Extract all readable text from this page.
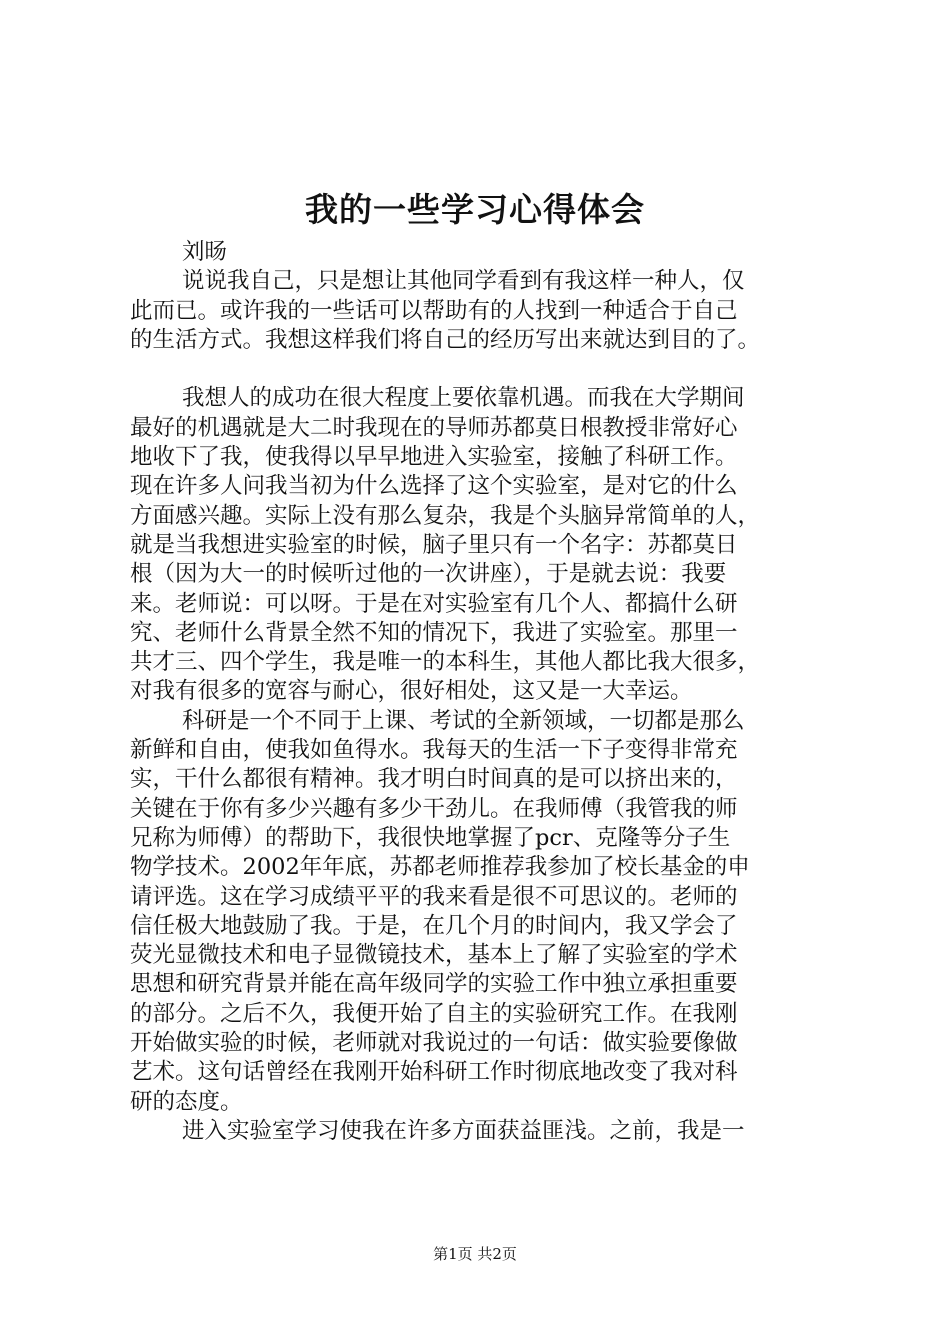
我的一些学习心得体会
刘旸
说说我自己，只是想让其他同学看到有我这样一种人，仅
此而已。或许我的一些话可以帮助有的人找到一种适合于自己
的生活方式。我想这样我们将自己的经历写出来就达到目的了。
我想人的成功在很大程度上要依靠机遇。而我在大学期间
最好的机遇就是大二时我现在的导师苏都莫日根教授非常好心
地收下了我，使我得以早早地进入实验室，接触了科研工作。
现在许多人问我当初为什么选择了这个实验室，是对它的什么
方面感兴趣。实际上没有那么复杂，我是个头脑异常简单的人，
就是当我想进实验室的时候，脑子里只有一个名字：苏都莫日
根（因为大一的时候听过他的一次讲座），于是就去说：我要
来。老师说：可以呀。于是在对实验室有几个人、都搞什么研
究、老师什么背景全然不知的情况下，我进了实验室。那里一
共才三、四个学生，我是唯一的本科生，其他人都比我大很多，
对我有很多的宽容与耐心，很好相处，这又是一大幸运。
科研是一个不同于上课、考试的全新领域，一切都是那么
新鲜和自由，使我如鱼得水。我每天的生活一下子变得非常充
实，干什么都很有精神。我才明白时间真的是可以挤出来的，
关键在于你有多少兴趣有多少干劲儿。在我师傅（我管我的师
兄称为师傅）的帮助下，我很快地掌握了pcr、克隆等分子生
物学技术。2002年年底，苏都老师推荐我参加了校长基金的申
请评选。这在学习成绩平平的我来看是很不可思议的。老师的
信任极大地鼓励了我。于是，在几个月的时间内，我又学会了
荧光显微技术和电子显微镜技术，基本上了解了实验室的学术
思想和研究背景并能在高年级同学的实验工作中独立承担重要
的部分。之后不久，我便开始了自主的实验研究工作。在我刚
开始做实验的时候，老师就对我说过的一句话：做实验要像做
艺术。这句话曾经在我刚开始科研工作时彻底地改变了我对科
研的态度。
进入实验室学习使我在许多方面获益匪浅。之前，我是一
第1页 共2页
